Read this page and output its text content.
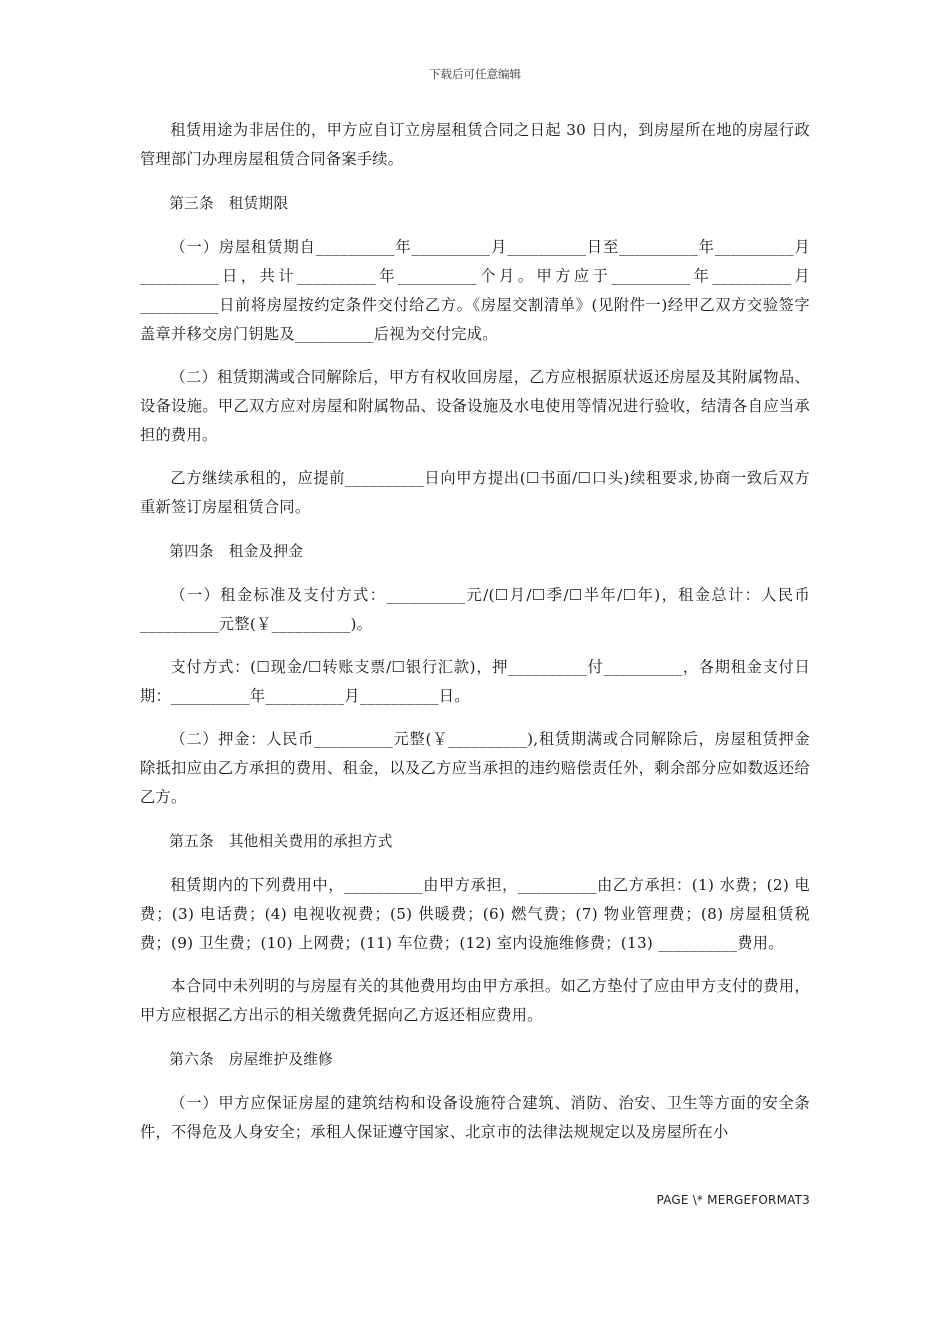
下载后可任意编辑

租赁用途为非居住的，甲方应自订立房屋租赁合同之日起 30 日内，到房屋所在地的房屋行政管理部门办理房屋租赁合同备案手续。

第三条　租赁期限

（一）房屋租赁期自__________年__________月__________日至__________年__________月__________日，共计__________年__________个月。甲方应于__________年__________月__________日前将房屋按约定条件交付给乙方。《房屋交割清单》(见附件一)经甲乙双方交验签字盖章并移交房门钥匙及__________后视为交付完成。

（二）租赁期满或合同解除后，甲方有权收回房屋，乙方应根据原状返还房屋及其附属物品、设备设施。甲乙双方应对房屋和附属物品、设备设施及水电使用等情况进行验收，结清各自应当承担的费用。

乙方继续承租的，应提前__________日向甲方提出(☐书面/☐口头)续租要求,协商一致后双方重新签订房屋租赁合同。

第四条　租金及押金

（一）租金标准及支付方式：__________元/(☐月/☐季/☐半年/☐年)，租金总计：人民币__________元整(￥__________)。

支付方式：(☐现金/☐转账支票/☐银行汇款)，押__________付__________，各期租金支付日期：__________年__________月__________日。

（二）押金：人民币__________元整(￥__________),租赁期满或合同解除后，房屋租赁押金除抵扣应由乙方承担的费用、租金，以及乙方应当承担的违约赔偿责任外，剩余部分应如数返还给乙方。

第五条　其他相关费用的承担方式

租赁期内的下列费用中，__________由甲方承担，__________由乙方承担：(1) 水费；(2) 电费；(3) 电话费；(4) 电视收视费；(5) 供暖费；(6) 燃气费；(7) 物业管理费；(8) 房屋租赁税费；(9) 卫生费；(10) 上网费；(11) 车位费；(12) 室内设施维修费；(13) __________费用。

本合同中未列明的与房屋有关的其他费用均由甲方承担。如乙方垫付了应由甲方支付的费用，甲方应根据乙方出示的相关缴费凭据向乙方返还相应费用。

第六条　房屋维护及维修

（一）甲方应保证房屋的建筑结构和设备设施符合建筑、消防、治安、卫生等方面的安全条件，不得危及人身安全；承租人保证遵守国家、北京市的法律法规规定以及房屋所在小

PAGE \* MERGEFORMAT3
